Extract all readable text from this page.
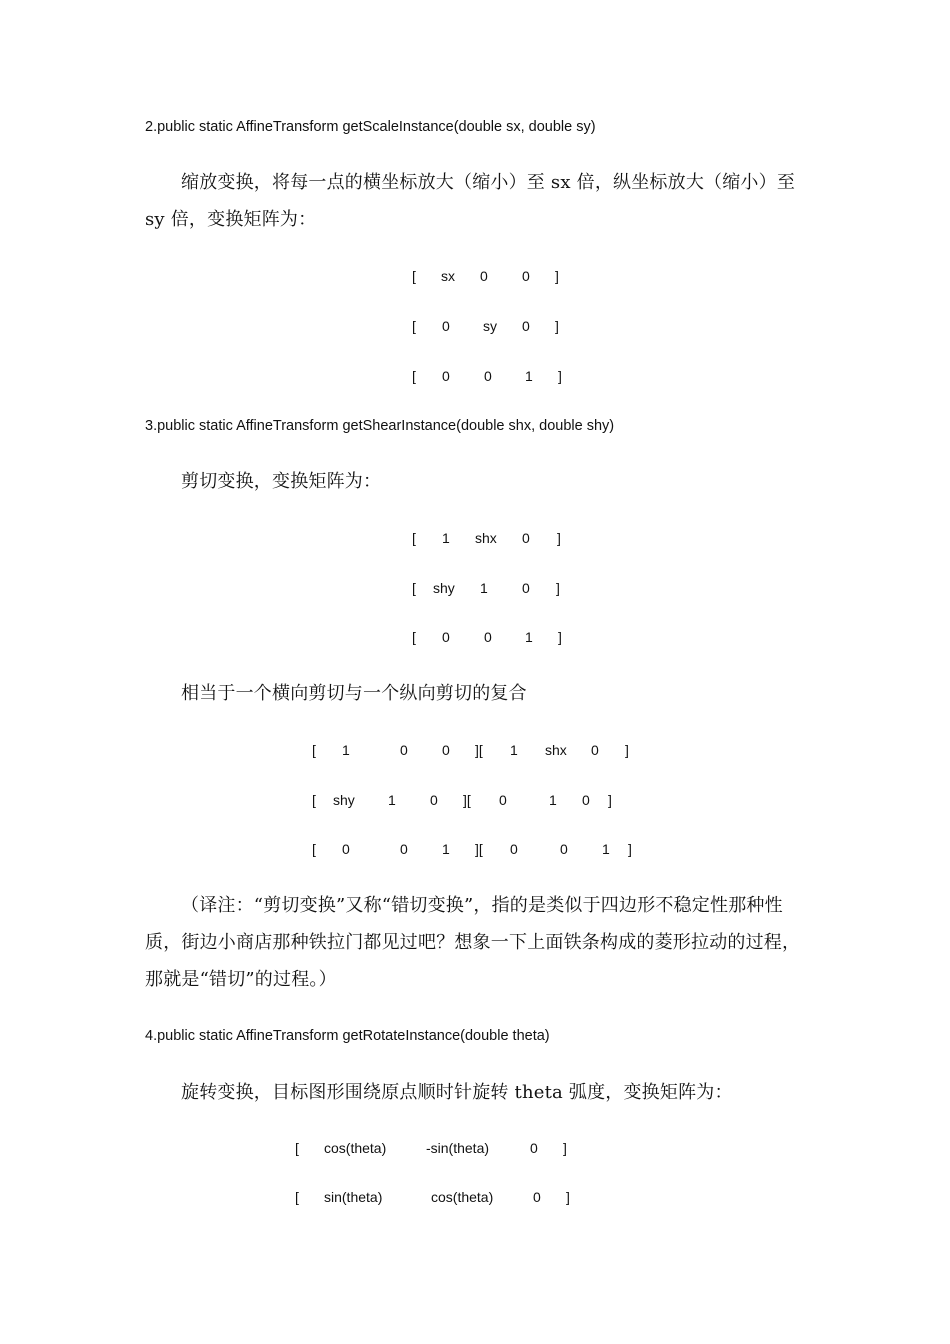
2.public static AffineTransform getScaleInstance(double sx, double sy)

缩放变换，将每一点的横坐标放大（缩小）至 sx 倍，纵坐标放大（缩小）至 sy 倍，变换矩阵为：

[ sx 0 0 ]
[ 0 sy 0 ]
[ 0 0 1 ]
3.public static AffineTransform getShearInstance(double shx, double shy)

剪切变换，变换矩阵为：

[ 1 shx 0 ]
[ shy 1 0 ]
[ 0 0 1 ]

相当于一个横向剪切与一个纵向剪切的复合

[ 1	0 0 ][ 1 shx 0 ]
[ shy 1 0 ][ 0	1 0 ]
[ 0	0 1 ][ 0	0 1 ]

（译注：“剪切变换”又称“错切变换”，指的是类似于四边形不稳定性那种性质，街边小商店那种铁拉门都见过吧？想象一下上面铁条构成的菱形拉动的过程，那就是“错切”的过程。）

4.public static AffineTransform getRotateInstance(double theta)

旋转变换，目标图形围绕原点顺时针旋转 theta 弧度，变换矩阵为：

[ cos(theta)	-sin(theta)	0 ]
[ sin(theta)	cos(theta)	0 ]
